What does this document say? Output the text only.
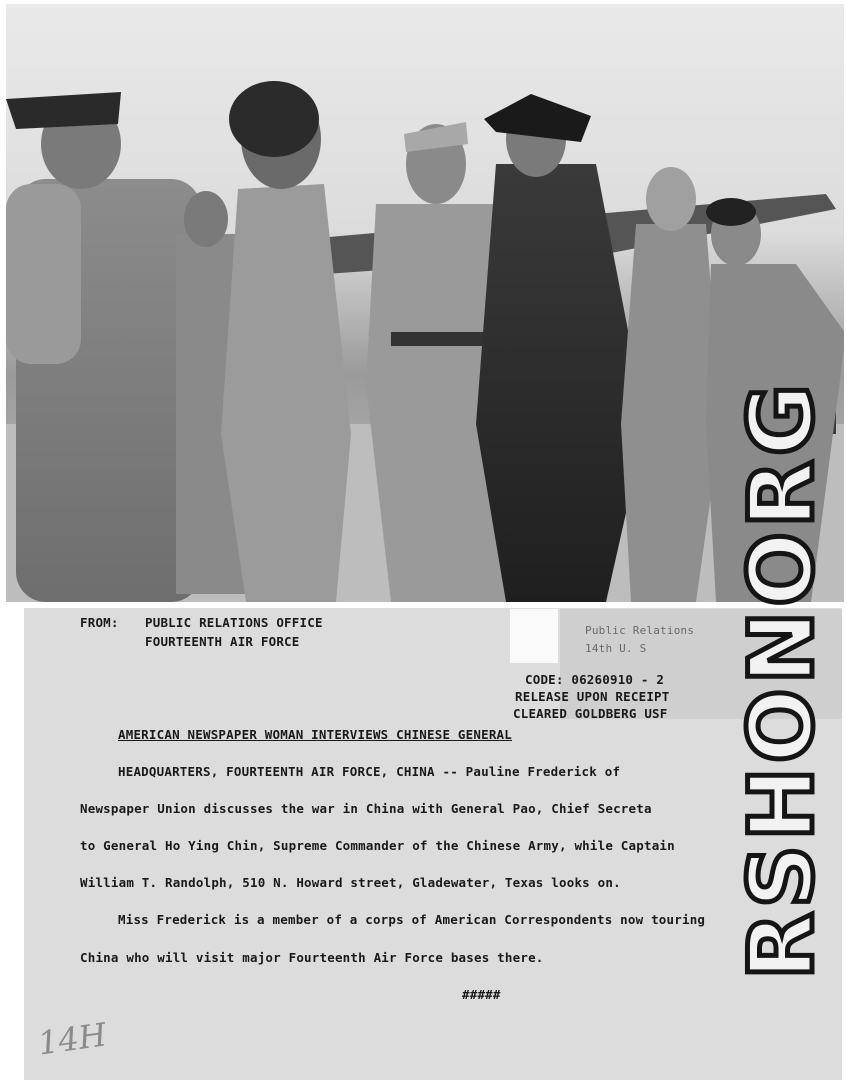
FROM: PUBLIC RELATIONS OFFICE
FOURTEENTH AIR FORCE
Public Relations
14th U. S
CODE: 06260910 - 2
RELEASE UPON RECEIPT
CLEARED GOLDBERG USF
AMERICAN NEWSPAPER WOMAN INTERVIEWS CHINESE GENERAL
HEADQUARTERS, FOURTEENTH AIR FORCE, CHINA -- Pauline Frederick of
Newspaper Union discusses the war in China with General Pao, Chief Secreta
to General Ho Ying Chin, Supreme Commander of the Chinese Army, while Captain
William T. Randolph, 510 N. Howard street, Gladewater, Texas looks on.
Miss Frederick is a member of a corps of American Correspondents now touring
China who will visit major Fourteenth Air Force bases there.
#####
14H
RSHONORG
